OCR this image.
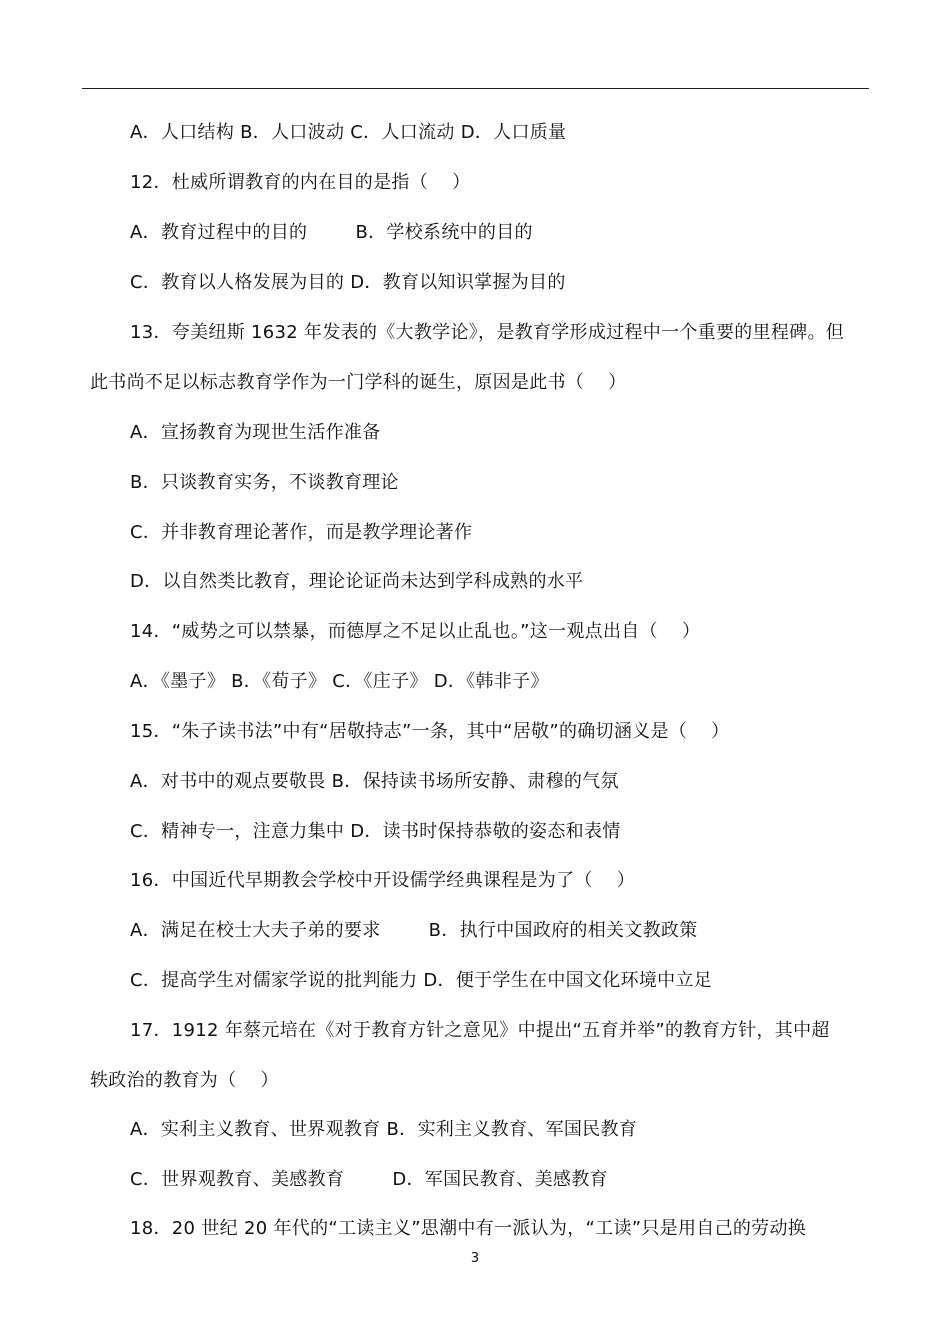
A．人口结构 B．人口波动 C．人口流动 D．人口质量
12．杜威所谓教育的内在目的是指（    ）
A．教育过程中的目的        B．学校系统中的目的
C．教育以人格发展为目的 D．教育以知识掌握为目的
13．夸美纽斯 1632 年发表的《大教学论》，是教育学形成过程中一个重要的里程碑。但
此书尚不足以标志教育学作为一门学科的诞生，原因是此书（    ）
A．宣扬教育为现世生活作准备
B．只谈教育实务，不谈教育理论
C．并非教育理论著作，而是教学理论著作
D．以自然类比教育，理论论证尚未达到学科成熟的水平
14．“威势之可以禁暴，而德厚之不足以止乱也。”这一观点出自（    ）
A．《墨子》 B．《荀子》 C．《庄子》 D．《韩非子》
15．“朱子读书法”中有“居敬持志”一条，其中“居敬”的确切涵义是（    ）
A．对书中的观点要敬畏 B．保持读书场所安静、肃穆的气氛
C．精神专一，注意力集中 D．读书时保持恭敬的姿态和表情
16．中国近代早期教会学校中开设儒学经典课程是为了（    ）
A．满足在校士大夫子弟的要求        B．执行中国政府的相关文教政策
C．提高学生对儒家学说的批判能力 D．便于学生在中国文化环境中立足
17．1912 年蔡元培在《对于教育方针之意见》中提出“五育并举”的教育方针，其中超
轶政治的教育为（    ）
A．实利主义教育、世界观教育 B．实利主义教育、军国民教育
C．世界观教育、美感教育        D．军国民教育、美感教育
18．20 世纪 20 年代的“工读主义”思潮中有一派认为，“工读”只是用自己的劳动换
3
